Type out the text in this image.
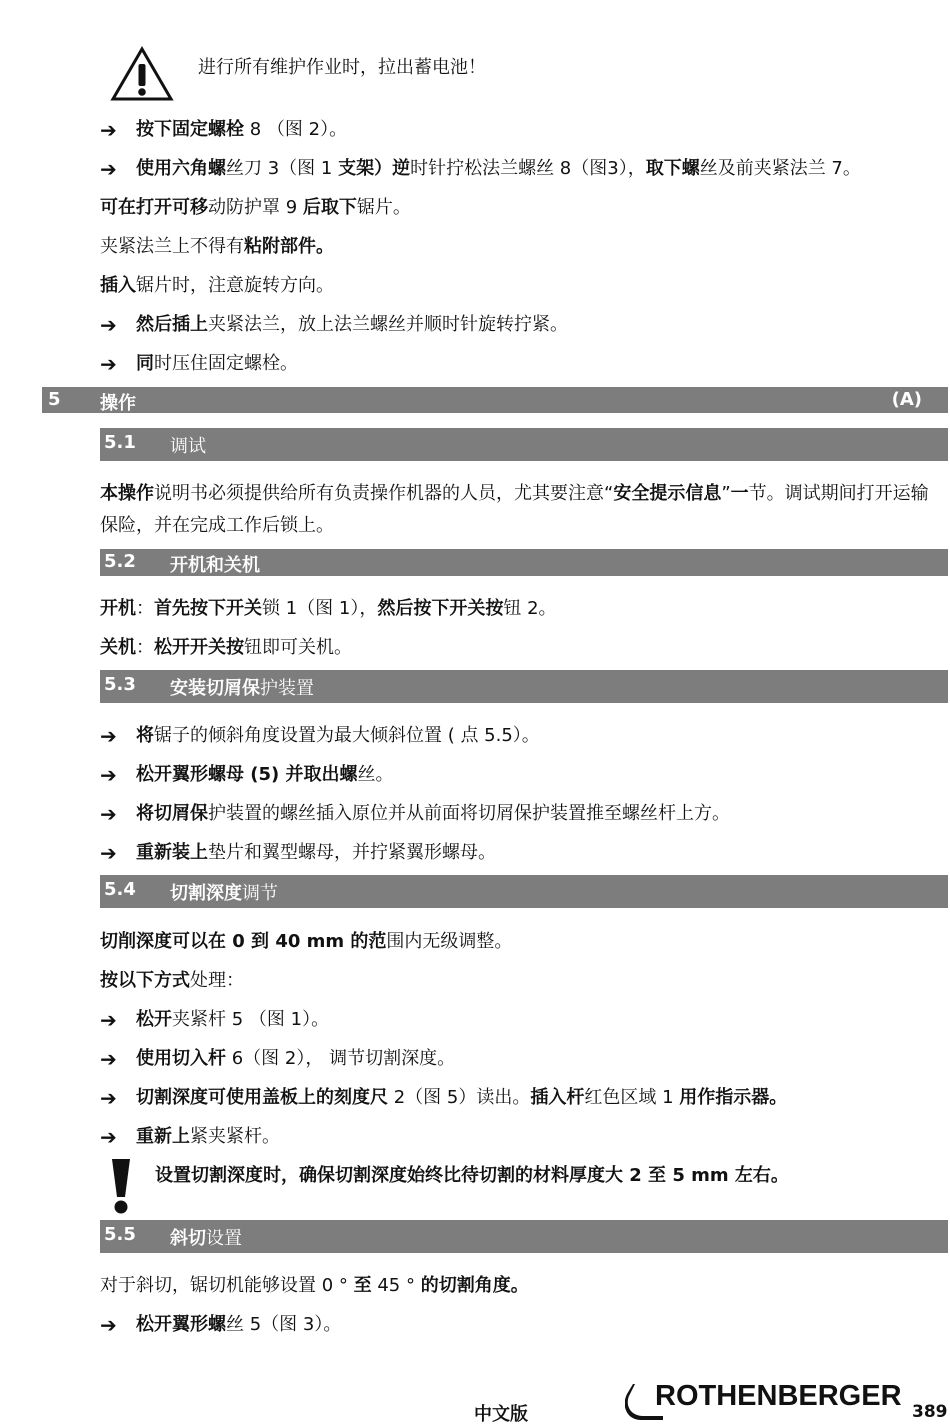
进行所有维护作业时，拉出蓄电池！
➔ 按下固定螺栓 8 （图 2）。
➔ 使用六角螺丝刀 3（图 1 支架）逆时针拧松法兰螺丝 8（图3），取下螺丝及前夹紧法兰 7。
可在打开可移动防护罩 9 后取下锯片。
夹紧法兰上不得有粘附部件。
插入锯片时，注意旋转方向。
➔ 然后插上夹紧法兰，放上法兰螺丝并顺时针旋转拧紧。
➔ 同时压住固定螺栓。
5 操作	(A)
5.1 调试
本操作说明书必须提供给所有负责操作机器的人员，尤其要注意“安全提示信息”一节。调试期间打开运输保险，并在完成工作后锁上。
5.2 开机和关机
开机：首先按下开关锁 1（图 1），然后按下开关按钮 2。
关机：松开开关按钮即可关机。
5.3 安装切屑保护装置
➔ 将锯子的倾斜角度设置为最大倾斜位置 ( 点 5.5）。
➔ 松开翼形螺母 (5) 并取出螺丝。
➔ 将切屑保护装置的螺丝插入原位并从前面将切屑保护装置推至螺丝杆上方。
➔ 重新装上垫片和翼型螺母，并拧紧翼形螺母。
5.4 切割深度调节
切削深度可以在 0 到 40 mm 的范围内无级调整。
按以下方式处理：
➔ 松开夹紧杆 5 （图 1）。
➔ 使用切入杆 6（图 2）， 调节切割深度。
➔ 切割深度可使用盖板上的刻度尺 2（图 5）读出。插入杆红色区域 1 用作指示器。
➔ 重新上紧夹紧杆。
设置切割深度时，确保切割深度始终比待切割的材料厚度大 2 至 5 mm 左右。
5.5 斜切设置
对于斜切，锯切机能够设置 0 ° 至 45 ° 的切割角度。
➔ 松开翼形螺丝 5（图 3）。
中文版
ROTHENBERGER 389
